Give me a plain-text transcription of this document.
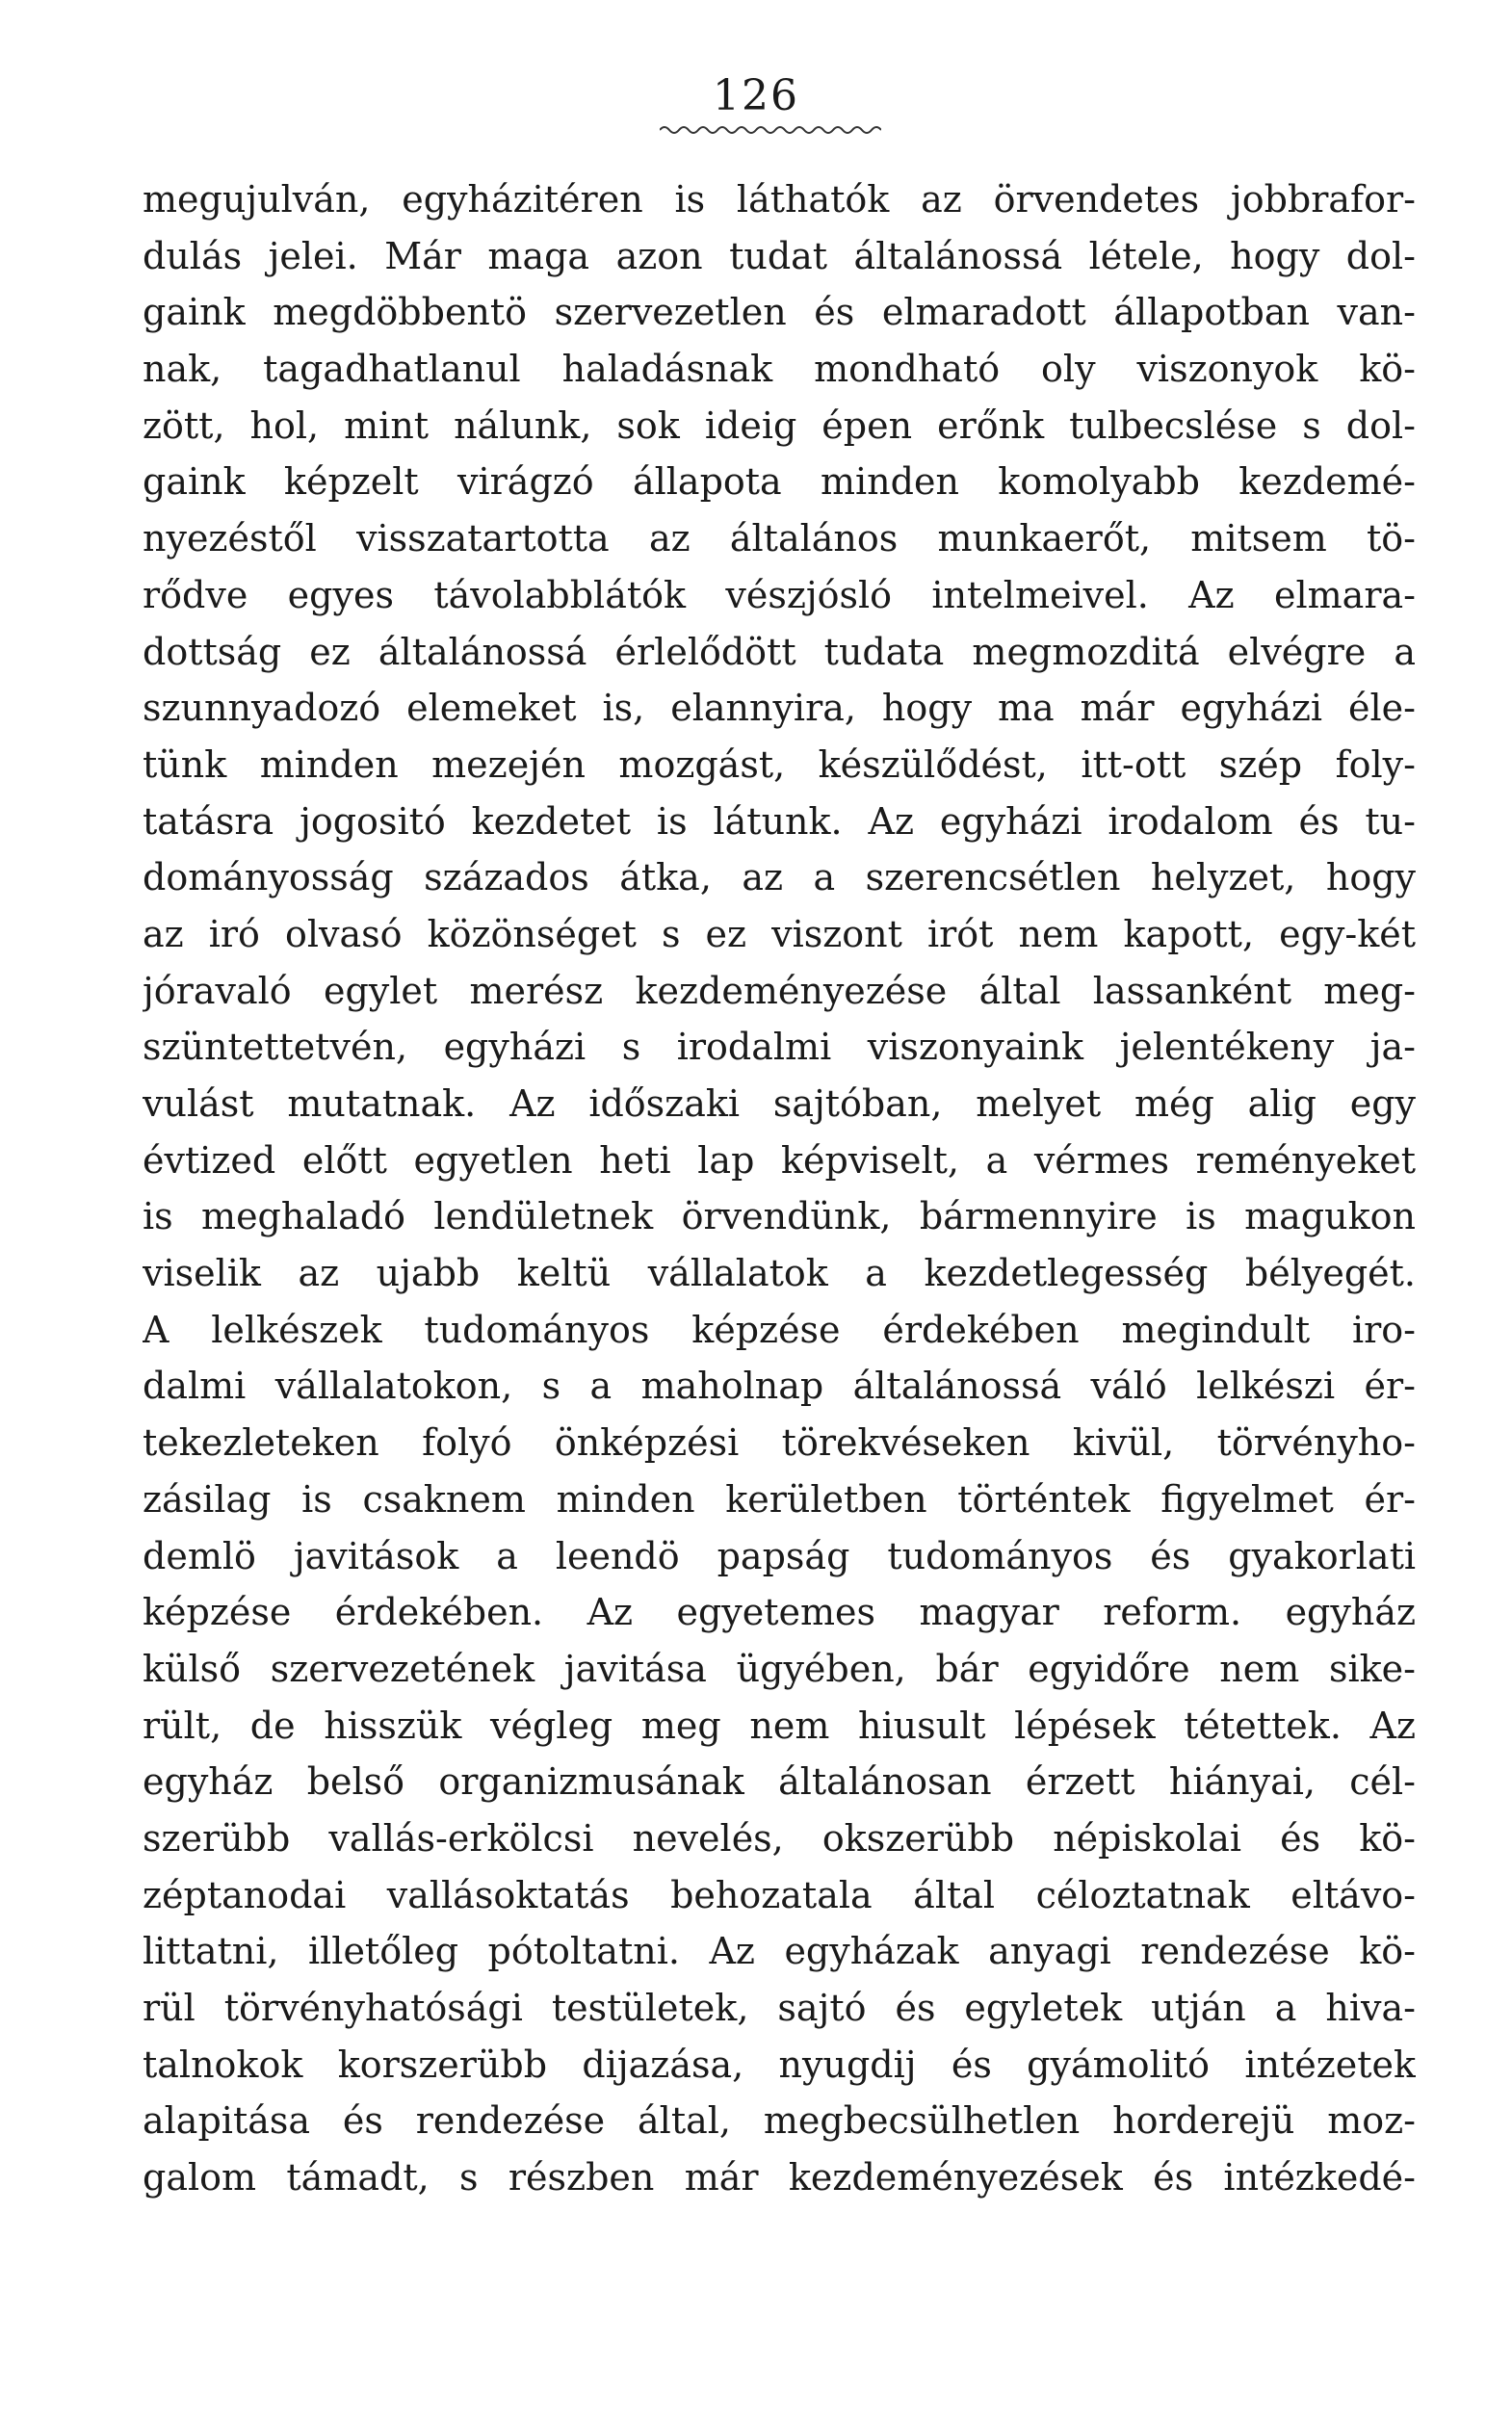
126
megujulván, egyházitéren is láthatók az örvendetes jobbrafor-
dulás jelei. Már maga azon tudat általánossá létele, hogy dol-
gaink megdöbbentö szervezetlen és elmaradott állapotban van-
nak, tagadhatlanul haladásnak mondható oly viszonyok kö-
zött, hol, mint nálunk, sok ideig épen erőnk tulbecslése s dol-
gaink képzelt virágzó állapota minden komolyabb kezdemé-
nyezéstől visszatartotta az általános munkaerőt, mitsem tö-
rődve egyes távolabblátók vészjósló intelmeivel. Az elmara-
dottság ez általánossá érlelődött tudata megmozditá elvégre a
szunnyadozó elemeket is, elannyira, hogy ma már egyházi éle-
tünk minden mezején mozgást, készülődést, itt-ott szép foly-
tatásra jogositó kezdetet is látunk. Az egyházi irodalom és tu-
dományosság százados átka, az a szerencsétlen helyzet, hogy
az iró olvasó közönséget s ez viszont irót nem kapott, egy-két
jóravaló egylet merész kezdeményezése által lassanként meg-
szüntettetvén, egyházi s irodalmi viszonyaink jelentékeny ja-
vulást mutatnak. Az időszaki sajtóban, melyet még alig egy
évtized előtt egyetlen heti lap képviselt, a vérmes reményeket
is meghaladó lendületnek örvendünk, bármennyire is magukon
viselik az ujabb keltü vállalatok a kezdetlegesség bélyegét.
A lelkészek tudományos képzése érdekében megindult iro-
dalmi vállalatokon, s a maholnap általánossá váló lelkészi ér-
tekezleteken folyó önképzési törekvéseken kivül, törvényho-
zásilag is csaknem minden kerületben történtek figyelmet ér-
demlö javitások a leendö papság tudományos és gyakorlati
képzése érdekében. Az egyetemes magyar reform. egyház
külső szervezetének javitása ügyében, bár egyidőre nem sike-
rült, de hisszük végleg meg nem hiusult lépések tétettek. Az
egyház belső organizmusának általánosan érzett hiányai, cél-
szerübb vallás-erkölcsi nevelés, okszerübb népiskolai és kö-
zéptanodai vallásoktatás behozatala által céloztatnak eltávo-
littatni, illetőleg pótoltatni. Az egyházak anyagi rendezése kö-
rül törvényhatósági testületek, sajtó és egyletek utján a hiva-
talnokok korszerübb dijazása, nyugdij és gyámolitó intézetek
alapitása és rendezése által, megbecsülhetlen horderejü moz-
galom támadt, s részben már kezdeményezések és intézkedé-
